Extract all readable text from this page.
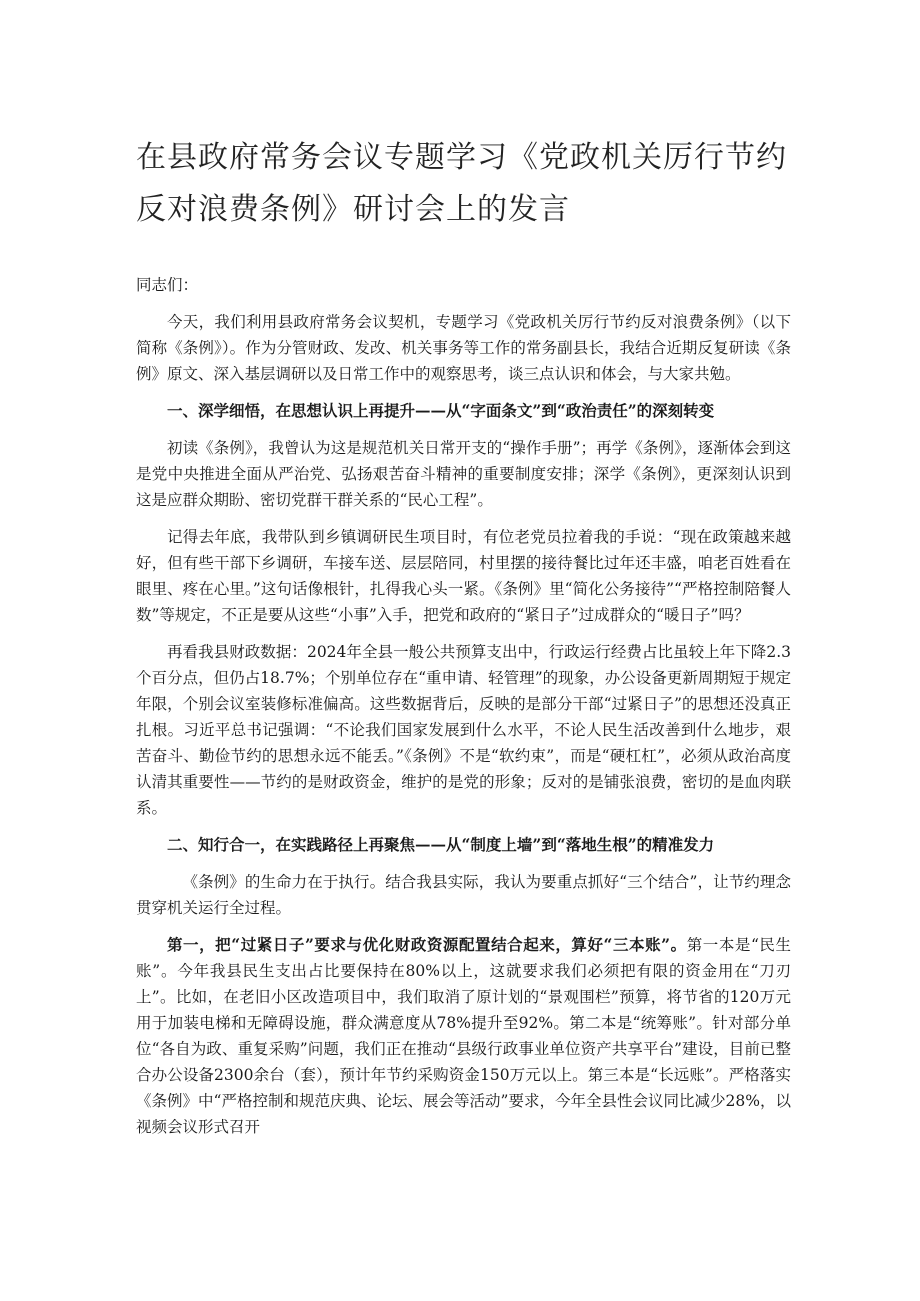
在县政府常务会议专题学习《党政机关厉行节约反对浪费条例》研讨会上的发言

同志们：

今天，我们利用县政府常务会议契机，专题学习《党政机关厉行节约反对浪费条例》（以下简称《条例》）。作为分管财政、发改、机关事务等工作的常务副县长，我结合近期反复研读《条例》原文、深入基层调研以及日常工作中的观察思考，谈三点认识和体会，与大家共勉。

一、深学细悟，在思想认识上再提升——从“字面条文”到“政治责任”的深刻转变

初读《条例》，我曾认为这是规范机关日常开支的“操作手册”；再学《条例》，逐渐体会到这是党中央推进全面从严治党、弘扬艰苦奋斗精神的重要制度安排；深学《条例》，更深刻认识到这是应群众期盼、密切党群干群关系的“民心工程”。

记得去年底，我带队到乡镇调研民生项目时，有位老党员拉着我的手说：“现在政策越来越好，但有些干部下乡调研，车接车送、层层陪同，村里摆的接待餐比过年还丰盛，咱老百姓看在眼里、疼在心里。”这句话像根针，扎得我心头一紧。《条例》里“简化公务接待”“严格控制陪餐人数”等规定，不正是要从这些“小事”入手，把党和政府的“紧日子”过成群众的“暖日子”吗？

再看我县财政数据：2024年全县一般公共预算支出中，行政运行经费占比虽较上年下降2.3个百分点，但仍占18.7%；个别单位存在“重申请、轻管理”的现象，办公设备更新周期短于规定年限，个别会议室装修标准偏高。这些数据背后，反映的是部分干部“过紧日子”的思想还没真正扎根。习近平总书记强调：“不论我们国家发展到什么水平，不论人民生活改善到什么地步，艰苦奋斗、勤俭节约的思想永远不能丢。”《条例》不是“软约束”，而是“硬杠杠”，必须从政治高度认清其重要性——节约的是财政资金，维护的是党的形象；反对的是铺张浪费，密切的是血肉联系。

二、知行合一，在实践路径上再聚焦——从“制度上墙”到“落地生根”的精准发力

《条例》的生命力在于执行。结合我县实际，我认为要重点抓好“三个结合”，让节约理念贯穿机关运行全过程。

第一，把“过紧日子”要求与优化财政资源配置结合起来，算好“三本账”。第一本是“民生账”。今年我县民生支出占比要保持在80%以上，这就要求我们必须把有限的资金用在“刀刃上”。比如，在老旧小区改造项目中，我们取消了原计划的“景观围栏”预算，将节省的120万元用于加装电梯和无障碍设施，群众满意度从78%提升至92%。第二本是“统筹账”。针对部分单位“各自为政、重复采购”问题，我们正在推动“县级行政事业单位资产共享平台”建设，目前已整合办公设备2300余台（套），预计年节约采购资金150万元以上。第三本是“长远账”。严格落实《条例》中“严格控制和规范庆典、论坛、展会等活动”要求，今年全县性会议同比减少28%，以视频会议形式召开
